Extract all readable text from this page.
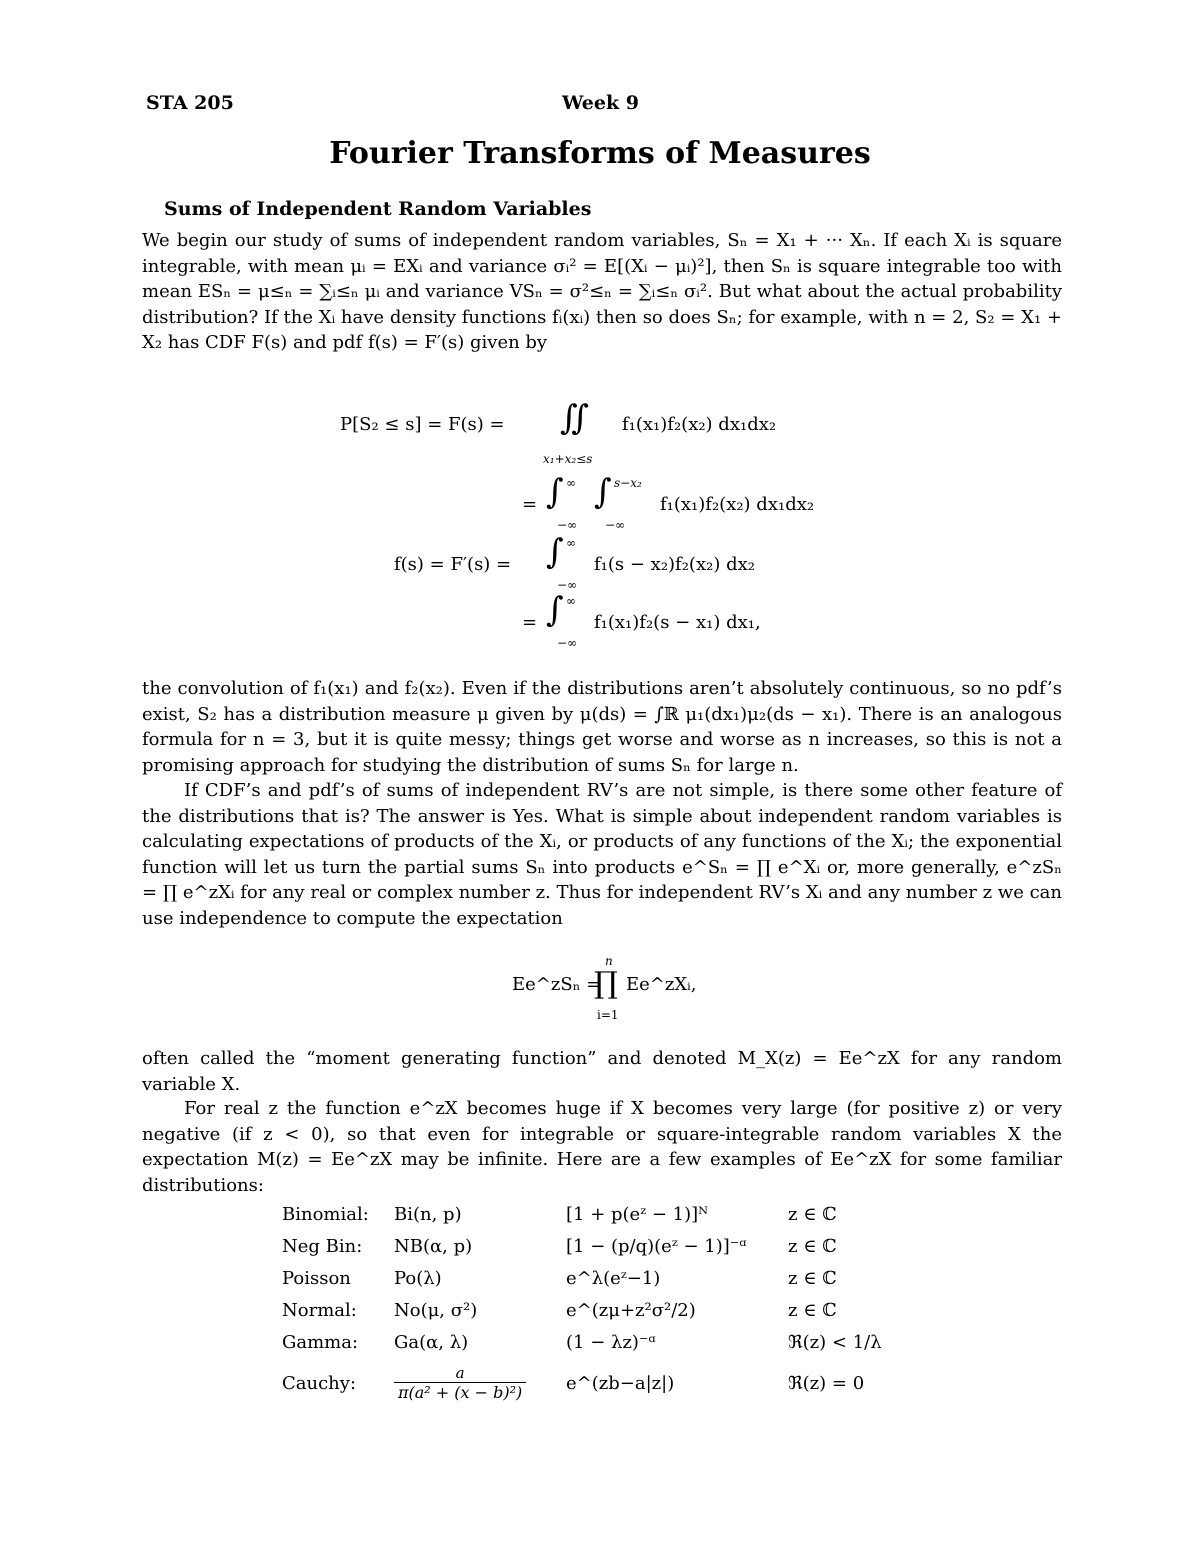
STA 205	Week 9
Fourier Transforms of Measures
Sums of Independent Random Variables

We begin our study of sums of independent random variables, Sₙ = X₁ + ··· Xₙ. If each Xᵢ is square integrable, with mean μᵢ = EXᵢ and variance σᵢ² = E[(Xᵢ − μᵢ)²], then Sₙ is square integrable too with mean ESₙ = μ≤ₙ = ∑ᵢ≤ₙ μᵢ and variance VSₙ = σ²≤ₙ = ∑ᵢ≤ₙ σᵢ². But what about the actual probability distribution? If the Xᵢ have density functions fᵢ(xᵢ) then so does Sₙ; for example, with n = 2, S₂ = X₁ + X₂ has CDF F(s) and pdf f(s) = F′(s) given by

P[S₂ ≤ s] = F(s) = ∬
x₁+x₂≤s
f₁(x₁)f₂(x₂) dx₁dx₂
= ∫ ∞
−∞
∫ s−x₂
−∞
f₁(x₁)f₂(x₂) dx₁dx₂
f(s) = F′(s) = ∫ ∞
−∞
f₁(s − x₂)f₂(x₂) dx₂
= ∫ ∞
−∞
f₁(x₁)f₂(s − x₁) dx₁,

the convolution of f₁(x₁) and f₂(x₂). Even if the distributions aren’t absolutely continuous, so no pdf’s exist, S₂ has a distribution measure μ given by μ(ds) = ∫ℝ μ₁(dx₁)μ₂(ds − x₁). There is an analogous formula for n = 3, but it is quite messy; things get worse and worse as n increases, so this is not a promising approach for studying the distribution of sums Sₙ for large n.

If CDF’s and pdf’s of sums of independent RV’s are not simple, is there some other feature of the distributions that is? The answer is Yes. What is simple about independent random variables is calculating expectations of products of the Xᵢ, or products of any functions of the Xᵢ; the exponential function will let us turn the partial sums Sₙ into products e^Sₙ = ∏ e^Xᵢ or, more generally, e^zSₙ = ∏ e^zXᵢ for any real or complex number z. Thus for independent RV’s Xᵢ and any number z we can use independence to compute the expectation

Ee^zSₙ =
n
∏
i=1
Ee^zXᵢ,

often called the “moment generating function” and denoted M_X(z) = Ee^zX for any random variable X.

For real z the function e^zX becomes huge if X becomes very large (for positive z) or very negative (if z < 0), so that even for integrable or square-integrable random variables X the expectation M(z) = Ee^zX may be infinite. Here are a few examples of Ee^zX for some familiar distributions:

Binomial:	Bi(n, p)	[1 + p(eᶻ − 1)]ᴺ	z ∈ ℂ
Neg Bin:	NB(α, p)	[1 − (p/q)(eᶻ − 1)]⁻ᵅ	z ∈ ℂ
Poisson	Po(λ)	e^λ(eᶻ−1)	z ∈ ℂ
Normal:	No(μ, σ²)	e^(zμ+z²σ²/2)	z ∈ ℂ
Gamma:	Ga(α, λ)	(1 − λz)⁻ᵅ	ℜ(z) < 1/λ
Cauchy:	$\frac{a}{\text{π(a² + (x − b)²)}}$	e^(zb−a|z|)	ℜ(z) = 0
